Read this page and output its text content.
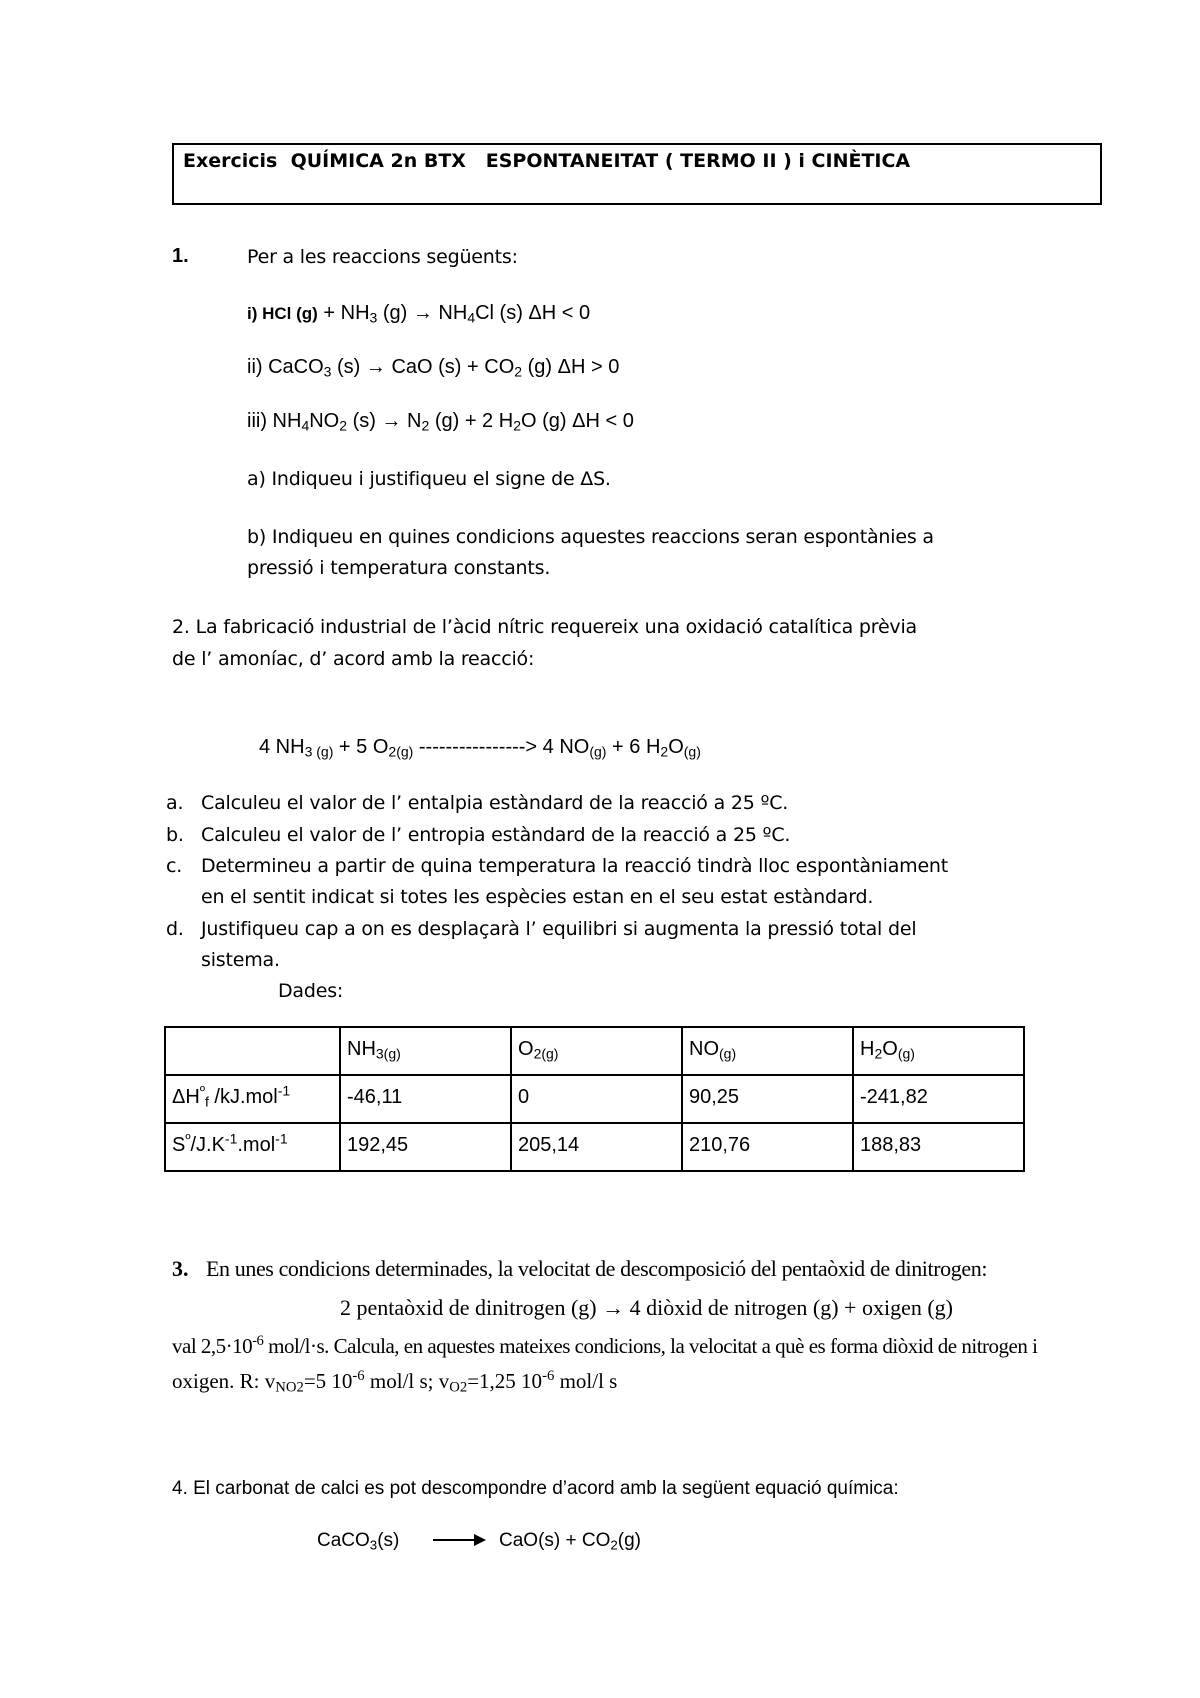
Exercicis  QUÍMICA 2n BTX   ESPONTANEITAT ( TERMO II ) i CINÈTICA
1.	Per a les reaccions següents:
i) HCl $(g) + NH_3$ $(g) \to NH_4Cl$ (s) ΔH < 0
ii) CaCO$_3$ (s) → CaO $(s) + CO_2$ (g) ΔH > 0
iii) $NH_4NO_2$ $(s) \to N_2$ (g) + 2 $H_2O$ (g) ΔH < 0
a) Indiqueu i justifiqueu el signe de ΔS.
b) Indiqueu en quines condicions aquestes reaccions seran espontànies a
pressió i temperatura constants.
2. La fabricació industrial de l’àcid nítric requereix una oxidació catalítica prèvia
de l’ amoníac, d’ acord amb la reacció:
4 $NH_{3 (g)} + 5$ $O_{2(g)}$ ----------------> 4 $NO_{(g)} + 6$ $H_2O_{(g)}$
a. Calculeu el valor de l’ entalpia estàndard de la reacció a 25 ºC.
b. Calculeu el valor de l’ entropia estàndard de la reacció a 25 ºC.
c. Determineu a partir de quina temperatura la reacció tindrà lloc espontàniament
en el sentit indicat si totes les espècies estan en el seu estat estàndard.
d. Justifiqueu cap a on es desplaçarà l’ equilibri si augmenta la pressió total del
sistema.
Dades:
	$NH_{3(g)}$	$O_{2(g)}$	$NO_{(g)}$	$H_2O_{(g)}$
$\Delta H^º_f$ /kJ.mol$^{-1}$	-46,11	0	90,25	-241,82
$S^º/J.K^{-1}.mol^{-1}$	192,45	205,14	210,76	188,83
3. En unes condicions determinades, la velocitat de descomposició del pentaòxid de dinitrogen:
2 pentaòxid de dinitrogen (g) → 4 diòxid de nitrogen (g) + oxigen (g)
val $2,5\cdot 10^{-6}$ mol/l·s. Calcula, en aquestes mateixes condicions, la velocitat a què es forma diòxid de nitrogen i
oxigen. R: $v_{NO2}=5$ $10^{-6}$ mol/l s; $v_{O2}=1,25$ $10^{-6}$ mol/l s
4. El carbonat de calci es pot descompondre d’acord amb la següent equació química:
CaCO$_3$(s)	$CaO(s) + CO_2(g)$
